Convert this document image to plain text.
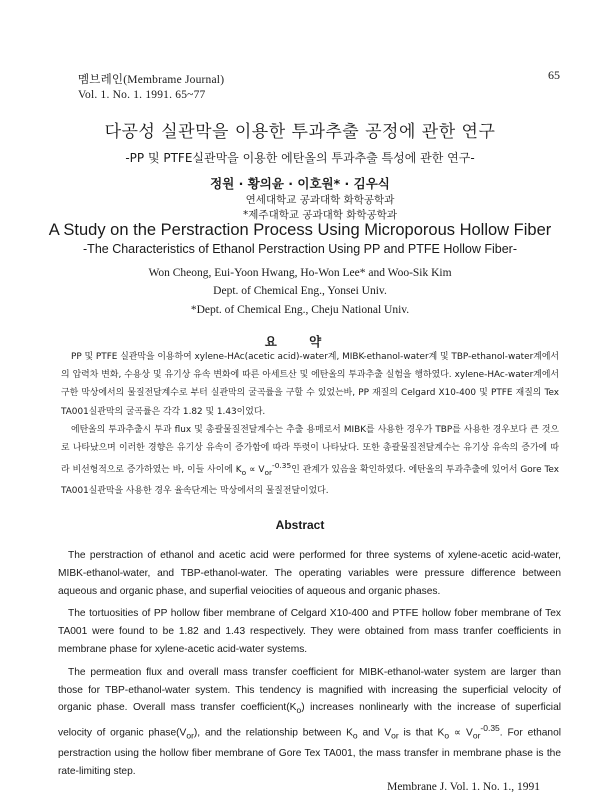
멤브레인(Membrame Journal)
Vol. 1. No. 1. 1991. 65~77
65
다공성 실관막을 이용한 투과추출 공정에 관한 연구
-PP 및 PTFE실관막을 이용한 에탄올의 투과추출 특성에 관한 연구-
정원 · 황의윤 · 이호원* · 김우식
연세대학교 공과대학 화학공학과
*제주대학교 공과대학 화학공학과
A Study on the Perstraction Process Using Microporous Hollow Fiber
-The Characteristics of Ethanol Perstraction Using PP and PTFE Hollow Fiber-
Won Cheong, Eui-Yoon Hwang, Ho-Won Lee* and Woo-Sik Kim
Dept. of Chemical Eng., Yonsei Univ.
*Dept. of Chemical Eng., Cheju National Univ.
요 약

PP 및 PTFE 실관막을 이용하여 xylene-HAc(acetic acid)-water계, MIBK-ethanol-water계 및 TBP-ethanol-water계에서의 압력차 변화, 수용상 및 유기상 유속 변화에 따른 아세트산 및 에탄올의 투과추출 실험을 행하였다. xylene-HAc-water계에서 구한 막상에서의 물질전달계수로 부터 실관막의 굴곡률을 구할 수 있었는바, PP 재질의 Celgard X10-400 및 PTFE 재질의 Tex TA001실관막의 굴곡률은 각각 1.82 및 1.43이었다.

에탄올의 투과추출시 투과 flux 및 총괄물질전달계수는 추출 용매로서 MIBK를 사용한 경우가 TBP를 사용한 경우보다 큰 것으로 나타났으며 이러한 경향은 유기상 유속이 증가함에 따라 뚜렷이 나타났다. 또한 총괄물질전달계수는 유기상 유속의 증가에 따라 비선형적으로 증가하였는 바, 이들 사이에 $K_o \propto V_{or}^{-0.35}$인 관계가 있음을 확인하였다. 에탄올의 투과추출에 있어서 Gore Tex TA001실관막을 사용한 경우 율속단계는 막상에서의 물질전달이었다.

Abstract

The perstraction of ethanol and acetic acid were performed for three systems of xylene-acetic acid-water, MIBK-ethanol-water, and TBP-ethanol-water. The operating variables were pressure difference between aqueous and organic phase, and superfial veiocities of aqueous and organic phases.

The tortuosities of PP hollow fiber membrane of Celgard X10-400 and PTFE hollow fober membrane of Tex TA001 were found to be 1.82 and 1.43 respectively. They were obtained from mass tranfer coefficients in membrane phase for xylene-acetic acid-water systems.

The permeation flux and overall mass transfer coefficient for MIBK-ethanol-water system are larger than those for TBP-ethanol-water system. This tendency is magnified with increasing the superficial velocity of organic phase. Overall mass transfer $coefficient(K_o)$ increases nonlinearly with the increase of superficial velocity of organic $phase(V_{or})$, and the relationship between $K_o$ and $V_{or}$ is that $K_o \propto V_{or}^{-0.35}$. For ethanol perstraction using the hollow fiber membrane of Gore Tex TA001, the mass transfer in membrane phase is the rate-limiting step.

Membrane J. Vol. 1. No. 1., 1991
